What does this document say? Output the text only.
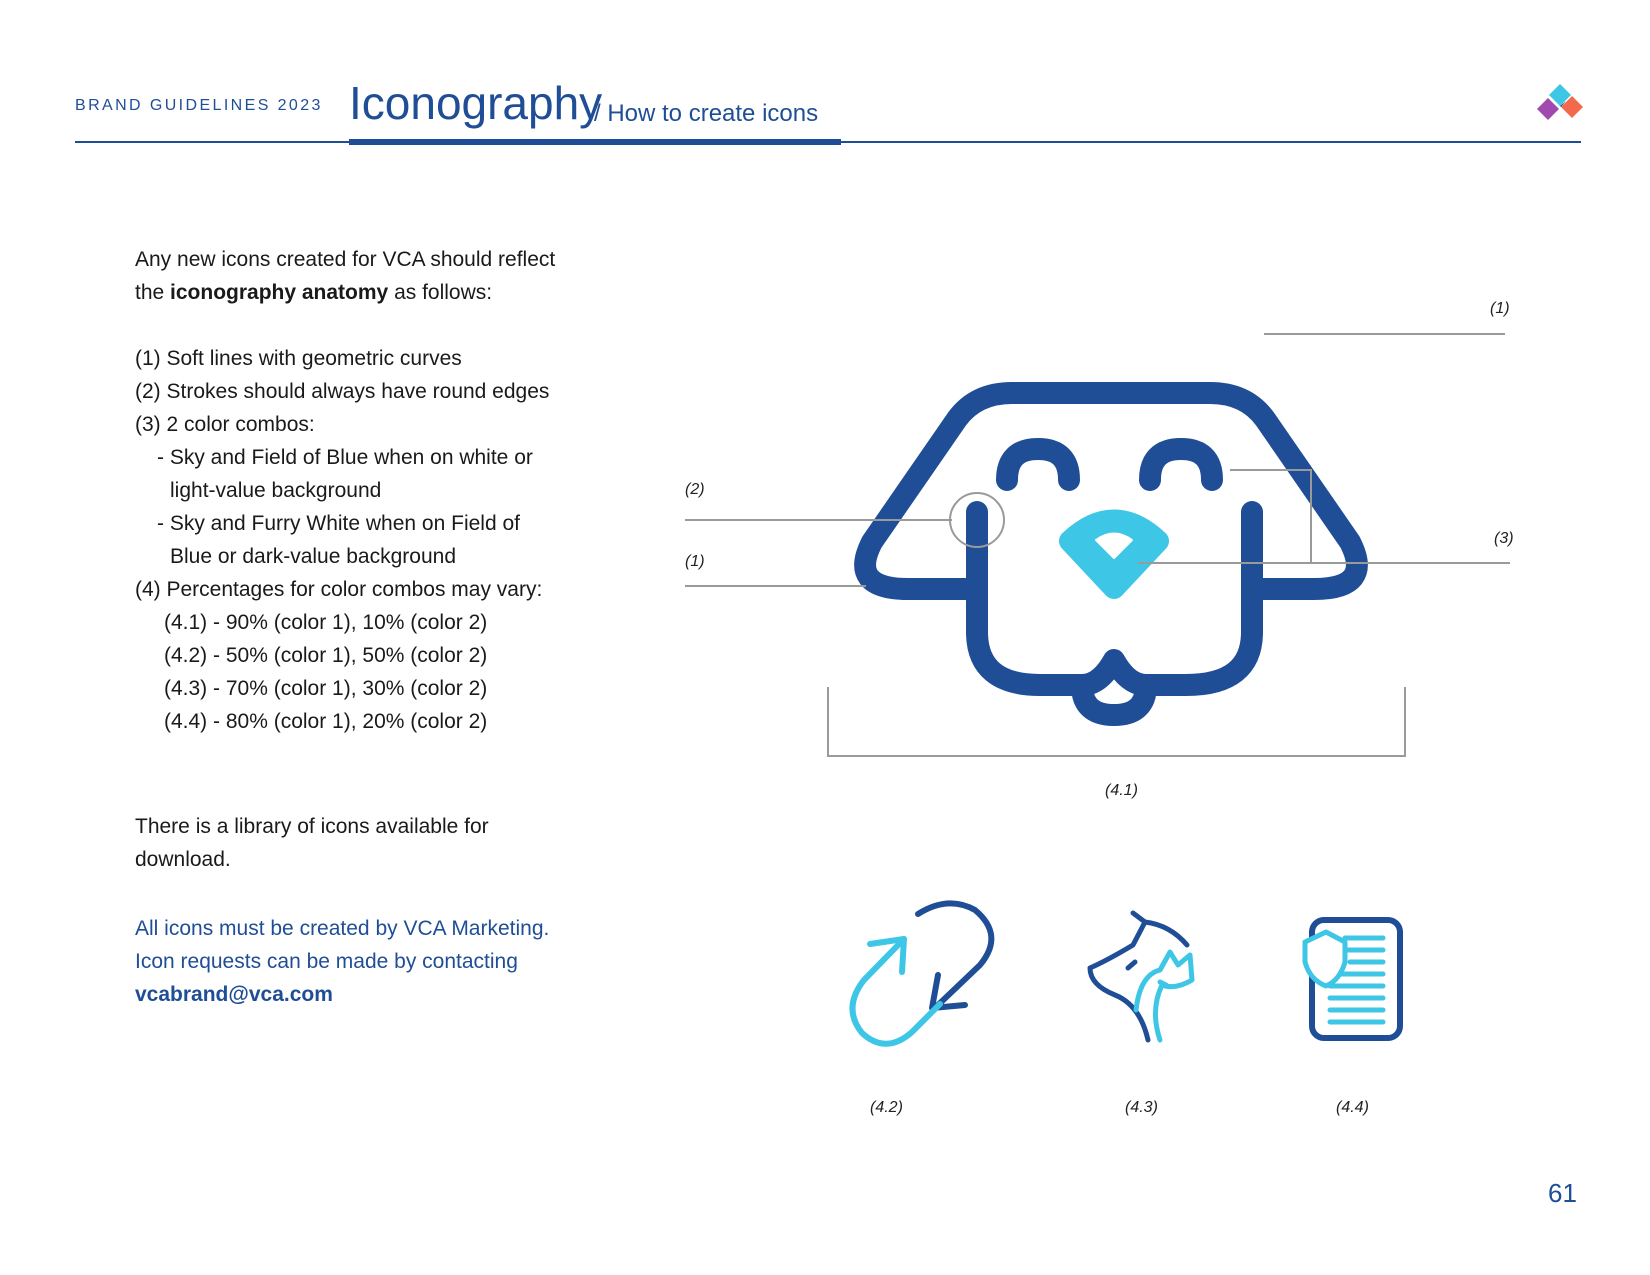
BRAND GUIDELINES 2023 Iconography
/ How to create icons

Any new icons created for VCA should reflect

the iconography anatomy as follows:

(1) Soft lines with geometric curves

(2) Strokes should always have round edges

(3) 2 color combos:

- Sky and Field of Blue when on white or

light-value background

- Sky and Furry White when on Field of

Blue or dark-value background

(4) Percentages for color combos may vary:

(4.1) - 90% (color 1), 10% (color 2)

(4.2) - 50% (color 1), 50% (color 2)

(4.3) - 70% (color 1), 30% (color 2)

(4.4) - 80% (color 1), 20% (color 2)

There is a library of icons available for

download.

All icons must be created by VCA Marketing.

Icon requests can be made by contacting

vcabrand@vca.com

(1)
(2)
(1)
(3)
(4.1)
(4.2)	(4.3)	(4.4)
61
